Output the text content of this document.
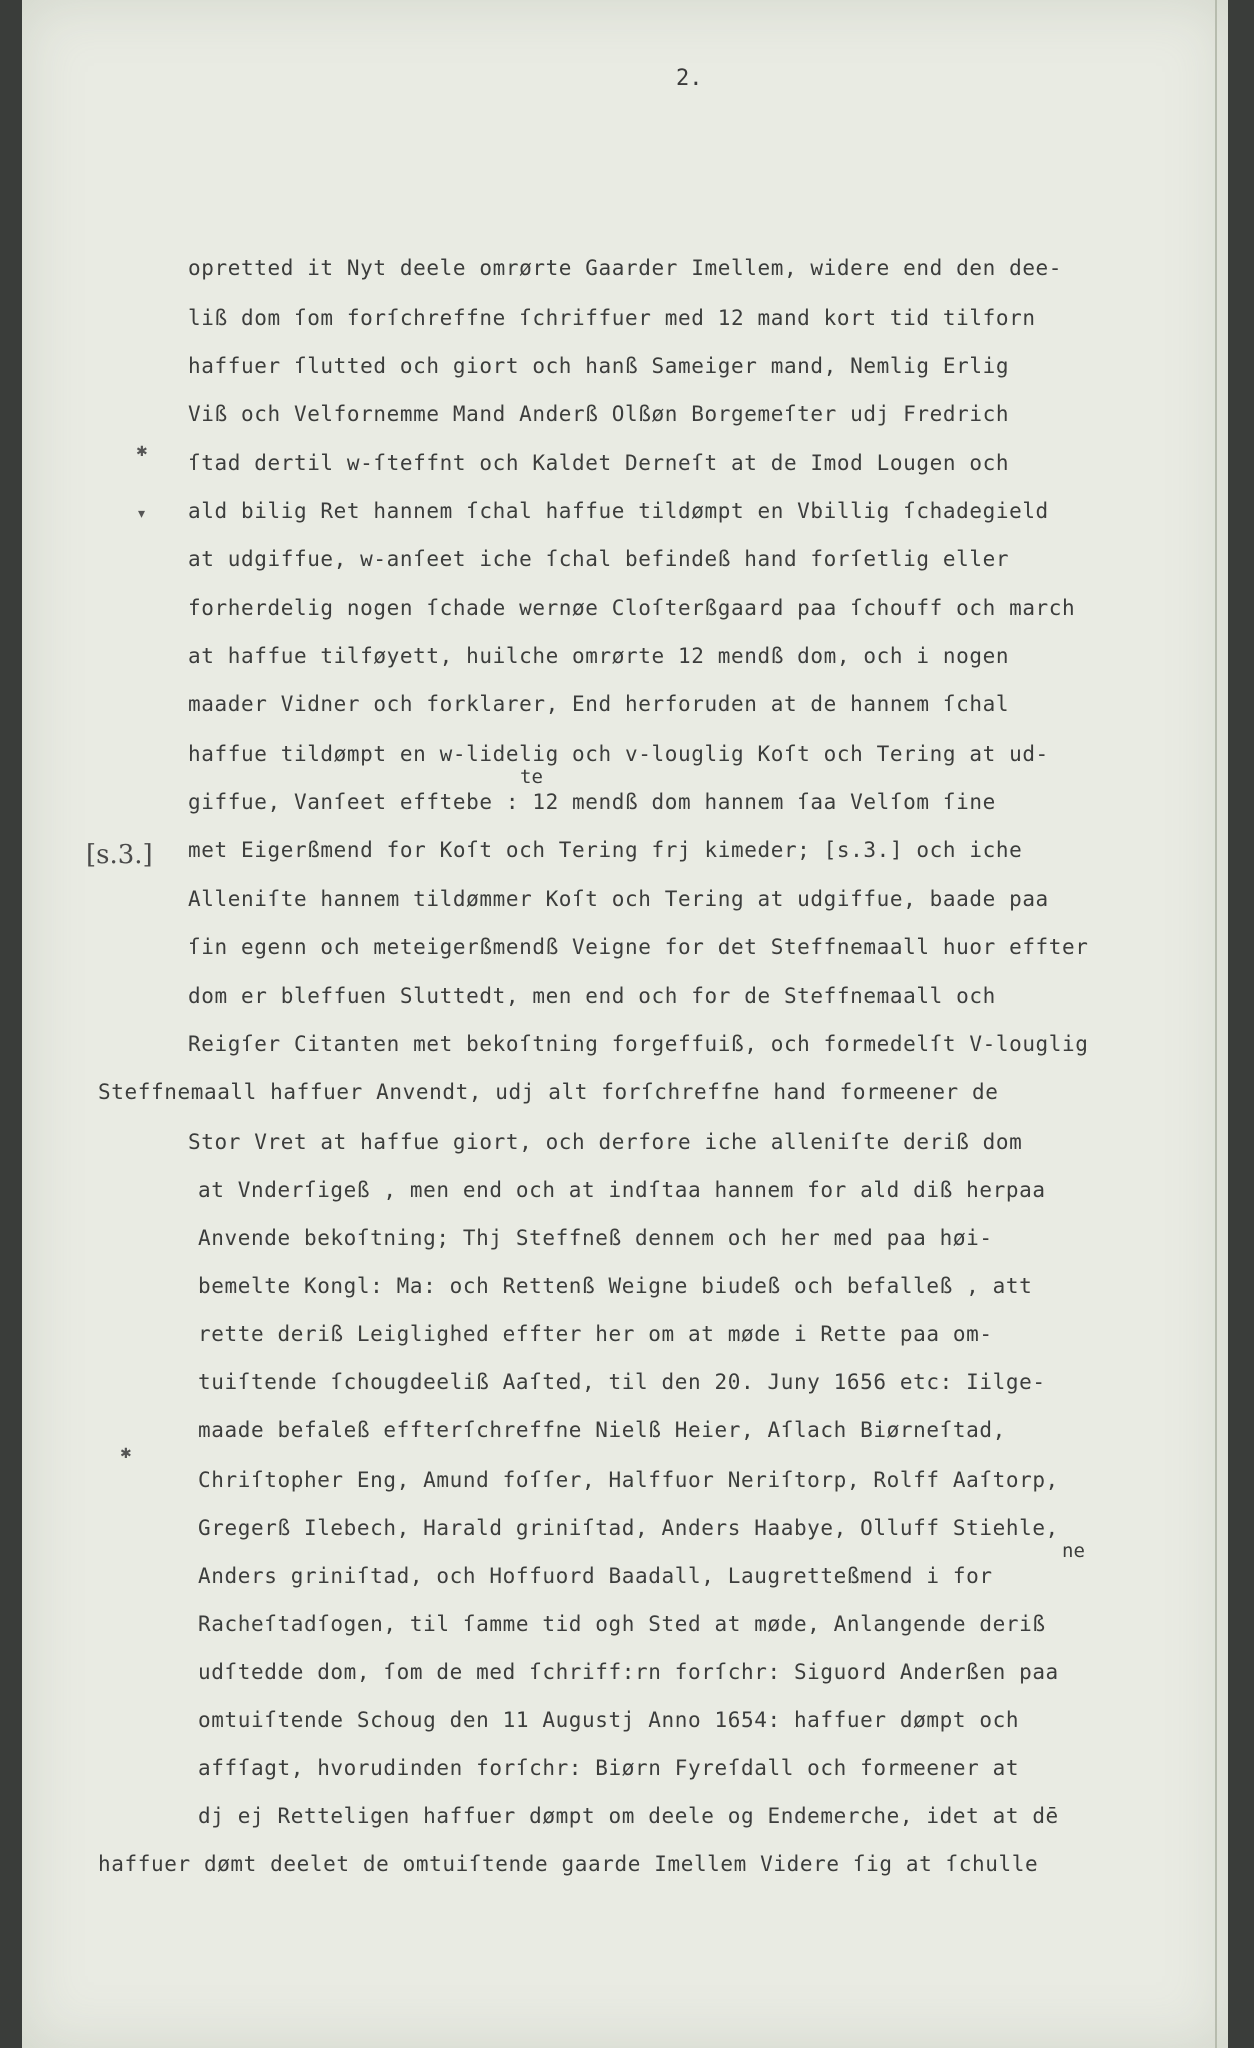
2.
[s.3.]
✱
▾
✱
te
ne
opretted it Nyt deele omrørte Gaarder Imellem, widere end den dee-
liß dom ſom forſchreffne ſchriffuer med 12 mand kort tid tilforn
haffuer ſlutted och giort och hanß Sameiger mand, Nemlig Erlig
Viß och Velfornemme Mand Anderß Olßøn Borgemeſter udj Fredrich
ſtad dertil w-ſteffnt och Kaldet Derneſt at de Imod Lougen och
ald bilig Ret hannem ſchal haffue tildømpt en Vbillig ſchadegield
at udgiffue, w-anſeet iche ſchal befindeß hand forſetlig eller
forherdelig nogen ſchade wernøe Cloſterßgaard paa ſchouff och march
at haffue tilføyett, huilche omrørte 12 mendß dom, och i nogen
maader Vidner och forklarer, End herforuden at de hannem ſchal
haffue tildømpt en w-lidelig och v-louglig Koſt och Tering at ud-
giffue, Vanſeet efftebe : 12 mendß dom hannem ſaa Velſom ſine
met Eigerßmend for Koſt och Tering frj kimeder; [s.3.] och iche
Alleniſte hannem tildømmer Koſt och Tering at udgiffue, baade paa
ſin egenn och meteigerßmendß Veigne for det Steffnemaall huor effter
dom er bleffuen Sluttedt, men end och for de Steffnemaall och
Reigſer Citanten met bekoſtning forgeffuiß, och formedelſt V-louglig
Steffnemaall haffuer Anvendt, udj alt forſchreffne hand formeener de
Stor Vret at haffue giort, och derfore iche alleniſte deriß dom
at Vnderſigeß , men end och at indſtaa hannem for ald diß herpaa
Anvende bekoſtning; Thj Steffneß dennem och her med paa høi-
bemelte Kongl: Ma: och Rettenß Weigne biudeß och befalleß , att
rette deriß Leiglighed effter her om at møde i Rette paa om-
tuiſtende ſchougdeeliß Aaſted, til den 20. Juny 1656 etc: Iilge-
maade befaleß effterſchreffne Nielß Heier, Aſlach Biørneſtad,
Chriſtopher Eng, Amund foſſer, Halffuor Neriſtorp, Rolff Aaſtorp,
Gregerß Ilebech, Harald griniſtad, Anders Haabye, Olluff Stiehle,
Anders griniſtad, och Hoffuord Baadall, Laugretteßmend i for
Racheſtadſogen, til ſamme tid ogh Sted at møde, Anlangende deriß
udſtedde dom, ſom de med ſchriff:rn forſchr: Siguord Anderßen paa
omtuiſtende Schoug den 11 Augustj Anno 1654: haffuer dømpt och
affſagt, hvorudinden forſchr: Biørn Fyreſdall och formeener at
dj ej Retteligen haffuer dømpt om deele og Endemerche, idet at dē
haffuer dømt deelet de omtuiſtende gaarde Imellem Videre ſig at ſchulle
